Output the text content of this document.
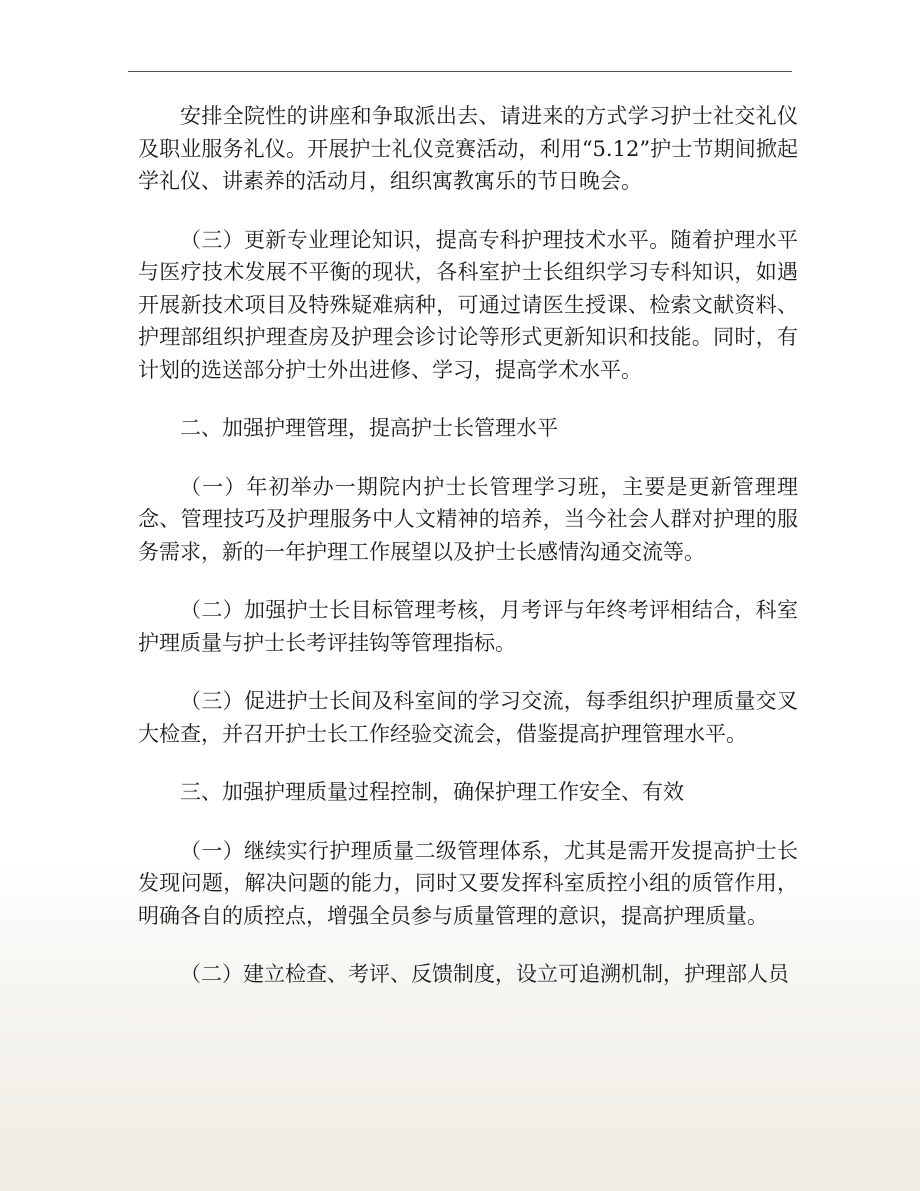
安排全院性的讲座和争取派出去、请进来的方式学习护士社交礼仪及职业服务礼仪。开展护士礼仪竞赛活动，利用“5.12”护士节期间掀起学礼仪、讲素养的活动月，组织寓教寓乐的节日晚会。

（三）更新专业理论知识，提高专科护理技术水平。随着护理水平与医疗技术发展不平衡的现状，各科室护士长组织学习专科知识，如遇开展新技术项目及特殊疑难病种，可通过请医生授课、检索文献资料、护理部组织护理查房及护理会诊讨论等形式更新知识和技能。同时，有计划的选送部分护士外出进修、学习，提高学术水平。

二、加强护理管理，提高护士长管理水平

（一）年初举办一期院内护士长管理学习班，主要是更新管理理念、管理技巧及护理服务中人文精神的培养，当今社会人群对护理的服务需求，新的一年护理工作展望以及护士长感情沟通交流等。

（二）加强护士长目标管理考核，月考评与年终考评相结合，科室护理质量与护士长考评挂钩等管理指标。

（三）促进护士长间及科室间的学习交流，每季组织护理质量交叉大检查，并召开护士长工作经验交流会，借鉴提高护理管理水平。

三、加强护理质量过程控制，确保护理工作安全、有效

（一）继续实行护理质量二级管理体系，尤其是需开发提高护士长发现问题，解决问题的能力，同时又要发挥科室质控小组的质管作用，明确各自的质控点，增强全员参与质量管理的意识，提高护理质量。

（二）建立检查、考评、反馈制度，设立可追溯机制，护理部人员
